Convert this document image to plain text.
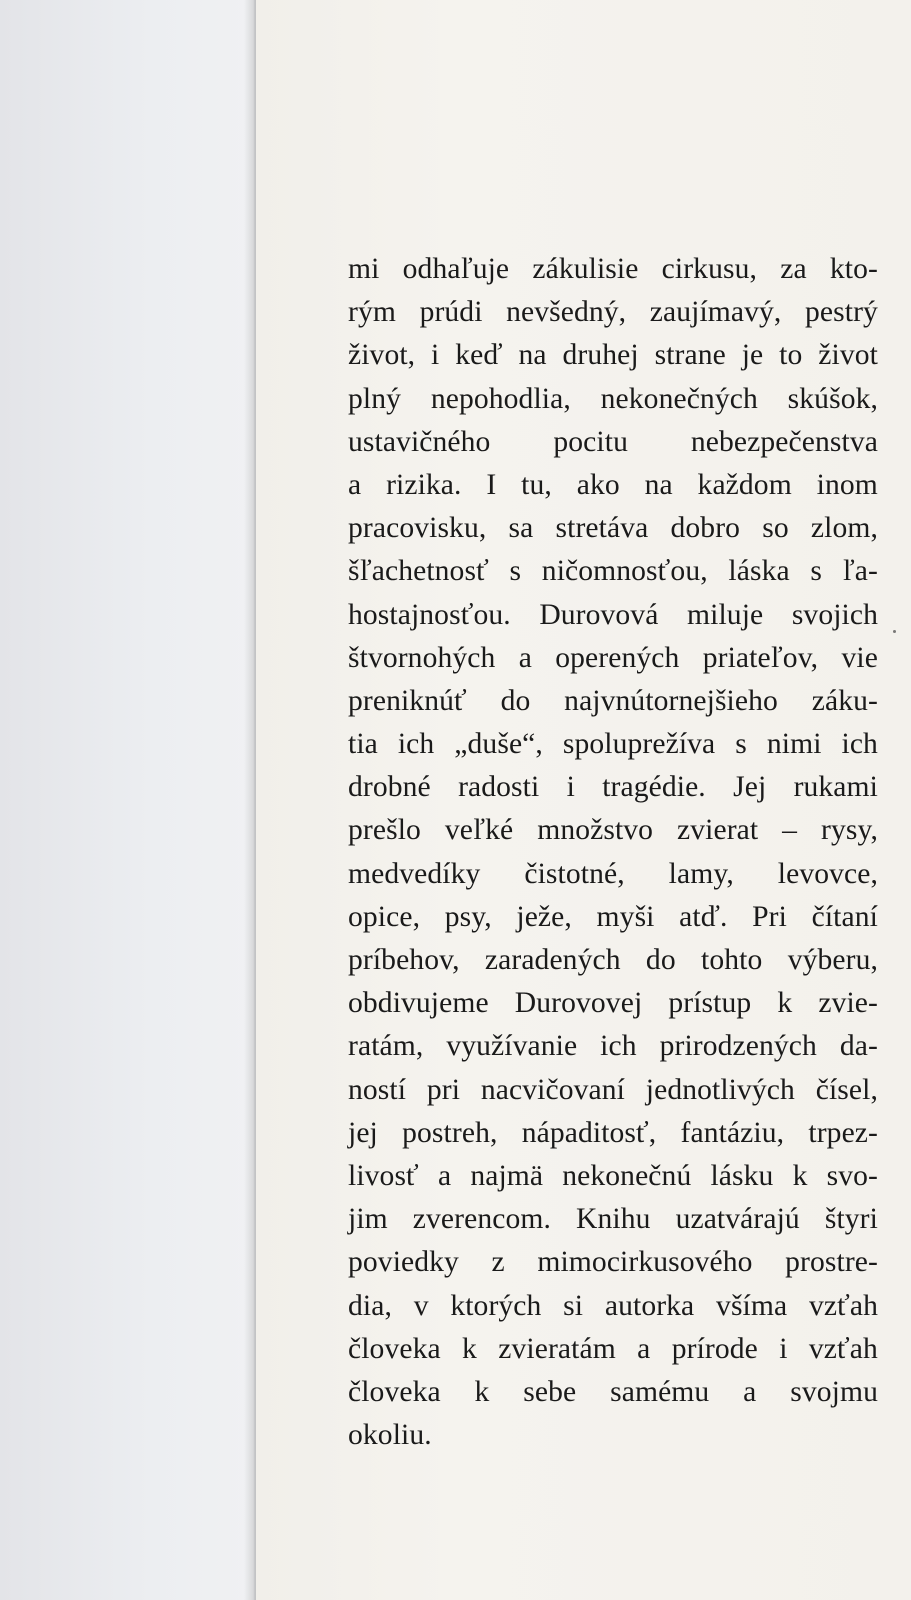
mi odhaľuje zákulisie cirkusu, za kto-
rým prúdi nevšedný, zaujímavý, pestrý
život, i keď na druhej strane je to život
plný nepohodlia, nekonečných skúšok,
ustavičného pocitu nebezpečenstva
a rizika. I tu, ako na každom inom
pracovisku, sa stretáva dobro so zlom,
šľachetnosť s ničomnosťou, láska s ľa-
hostajnosťou. Durovová miluje svojich
štvornohých a operených priateľov, vie
preniknúť do najvnútornejšieho záku-
tia ich „duše“, spoluprežíva s nimi ich
drobné radosti i tragédie. Jej rukami
prešlo veľké množstvo zvierat – rysy,
medvedíky čistotné, lamy, levovce,
opice, psy, ježe, myši atď. Pri čítaní
príbehov, zaradených do tohto výberu,
obdivujeme Durovovej prístup k zvie-
ratám, využívanie ich prirodzených da-
ností pri nacvičovaní jednotlivých čísel,
jej postreh, nápaditosť, fantáziu, trpez-
livosť a najmä nekonečnú lásku k svo-
jim zverencom. Knihu uzatvárajú štyri
poviedky z mimocirkusového prostre-
dia, v ktorých si autorka všíma vzťah
človeka k zvieratám a prírode i vzťah
človeka k sebe samému a svojmu
okoliu.
